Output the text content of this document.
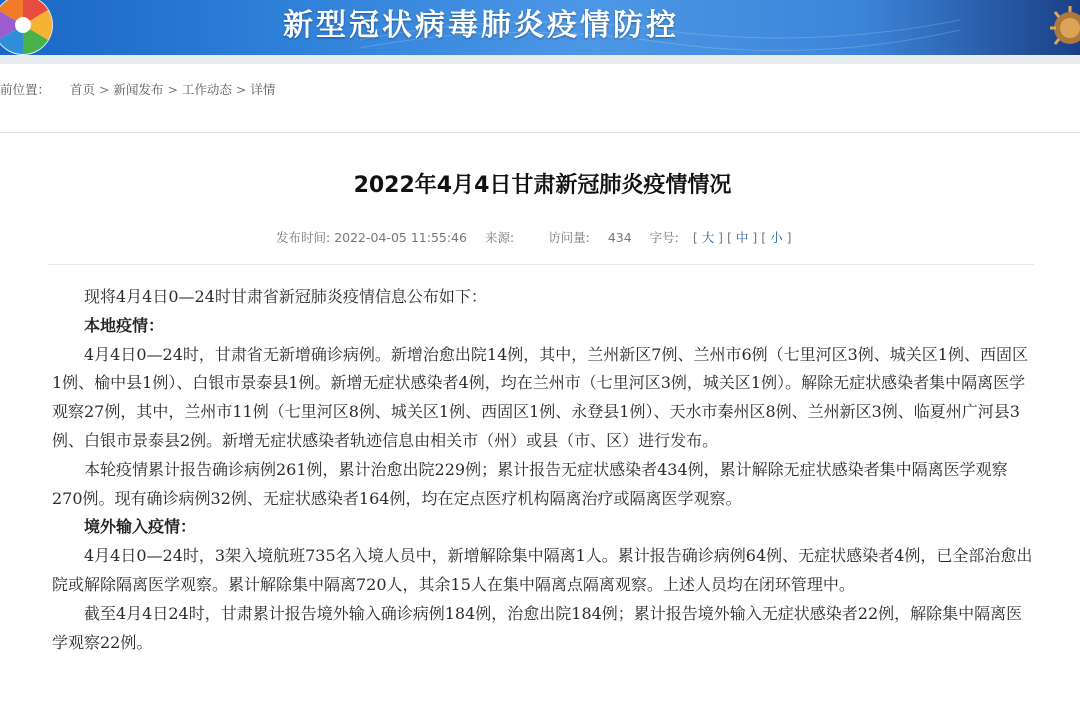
新型冠状病毒肺炎疫情防控
前位置： 首页 > 新闻发布 > 工作动态 > 详情
2022年4月4日甘肃新冠肺炎疫情情况
发布时间: 2022-04-05 11:55:46 来源:	访问量: 434 字号: [ 大 ] [ 中 ] [ 小 ]

现将4月4日0—24时甘肃省新冠肺炎疫情信息公布如下：

本地疫情：

4月4日0—24时，甘肃省无新增确诊病例。新增治愈出院14例，其中，兰州新区7例、兰州市6例（七里河区3例、城关区1例、西固区1例、榆中县1例）、白银市景泰县1例。新增无症状感染者4例，均在兰州市（七里河区3例，城关区1例）。解除无症状感染者集中隔离医学观察27例，其中，兰州市11例（七里河区8例、城关区1例、西固区1例、永登县1例）、天水市秦州区8例、兰州新区3例、临夏州广河县3例、白银市景泰县2例。新增无症状感染者轨迹信息由相关市（州）或县（市、区）进行发布。

本轮疫情累计报告确诊病例261例，累计治愈出院229例；累计报告无症状感染者434例，累计解除无症状感染者集中隔离医学观察270例。现有确诊病例32例、无症状感染者164例，均在定点医疗机构隔离治疗或隔离医学观察。

境外输入疫情：

4月4日0—24时，3架入境航班735名入境人员中，新增解除集中隔离1人。累计报告确诊病例64例、无症状感染者4例，已全部治愈出院或解除隔离医学观察。累计解除集中隔离720人，其余15人在集中隔离点隔离观察。上述人员均在闭环管理中。

截至4月4日24时，甘肃累计报告境外输入确诊病例184例，治愈出院184例；累计报告境外输入无症状感染者22例，解除集中隔离医学观察22例。
